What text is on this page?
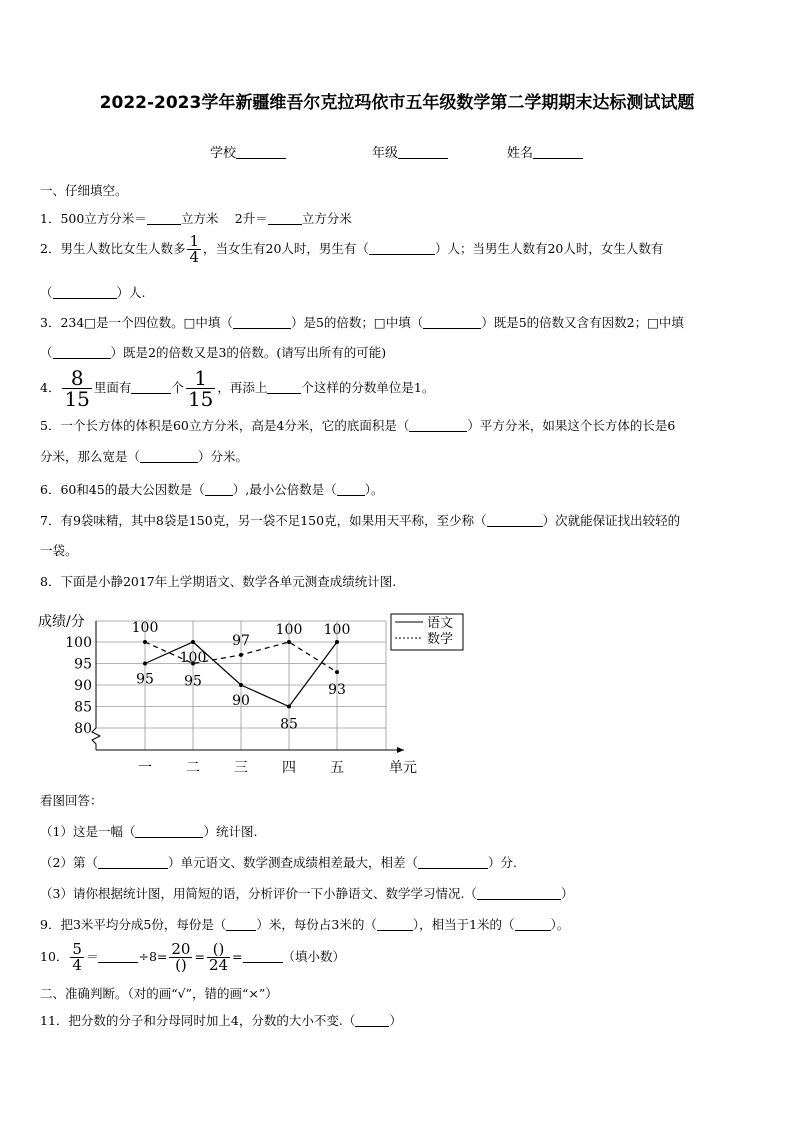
2022-2023学年新疆维吾尔克拉玛依市五年级数学第二学期期末达标测试试题
学校	年级	姓名
一、仔细填空。
1．500立方分米＝	立方米　 2升＝	立方分米
2．男生人数比女生人数多 $\frac{1}{4}$ ，当女生有20人时，男生有（	）人；当男生人数有20人时，女生人数有
（	）人.
3．234□是一个四位数。□中填（	）是5的倍数；□中填（	）既是5的倍数又含有因数2；□中填
（	）既是2的倍数又是3的倍数。(请写出所有的可能)
4． $\frac{8}{15}$ 里面有	个 $\frac{1}{15}$ ，再添上	个这样的分数单位是1。
5．一个长方体的体积是60立方分米，高是4分米，它的底面积是（	）平方分米，如果这个长方体的长是6
分米，那么宽是（	）分米。
6．60和45的最大公因数是（ ）,最小公倍数是（ ）。
7．有9袋味精，其中8袋是150克，另一袋不足150克，如果用天平称，至少称（	）次就能保证找出较轻的
一袋。
8．下面是小静2017年上学期语文、数学各单元测查成绩统计图.
100
95
90
85
80
成绩/分
单元
一 二 三 四 五
95
100
90
85
100
100
95
97
100
93
语文
数学
看图回答：
（1）这是一幅（	）统计图.
（2）第（	）单元语文、数学测查成绩相差最大，相差（	）分.
（3）请你根据统计图，用简短的语，分析评价一下小静语文、数学学习情况.（	）
9．把3米平均分成5份，每份是（ ）米，每份占3米的（	），相当于1米的（	）。
10． $\frac{5}{4}$ ＝	$\div 8= \frac{20}{()} = \frac{()}{24}$ =	（填小数）
二、准确判断。（对的画“√”，错的画“×”）
11．把分数的分子和分母同时加上4，分数的大小不变.（	）
